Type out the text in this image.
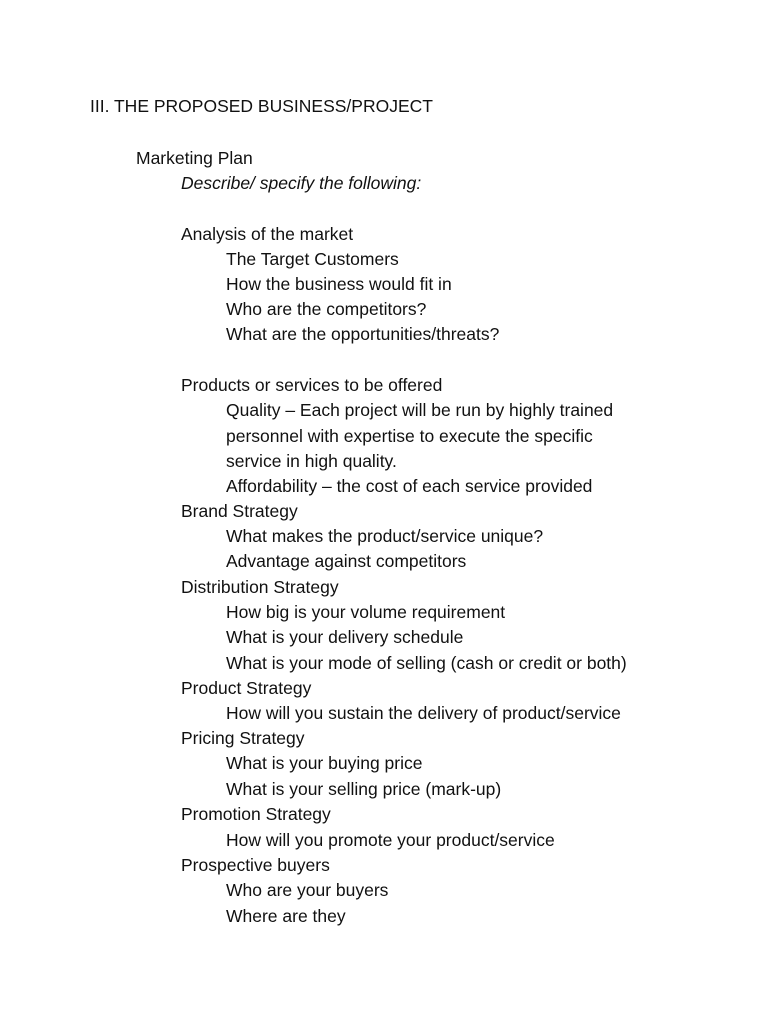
III. THE PROPOSED BUSINESS/PROJECT
Marketing Plan
Describe/ specify the following:
Analysis of the market
The Target Customers
How the business would fit in
Who are the competitors?
What are the opportunities/threats?
Products or services to be offered
Quality – Each project will be run by highly trained
personnel with expertise to execute the specific
service in high quality.
Affordability – the cost of each service provided
Brand Strategy
What makes the product/service unique?
Advantage against competitors
Distribution Strategy
How big is your volume requirement
What is your delivery schedule
What is your mode of selling (cash or credit or both)
Product Strategy
How will you sustain the delivery of product/service
Pricing Strategy
What is your buying price
What is your selling price (mark-up)
Promotion Strategy
How will you promote your product/service
Prospective buyers
Who are your buyers
Where are they
